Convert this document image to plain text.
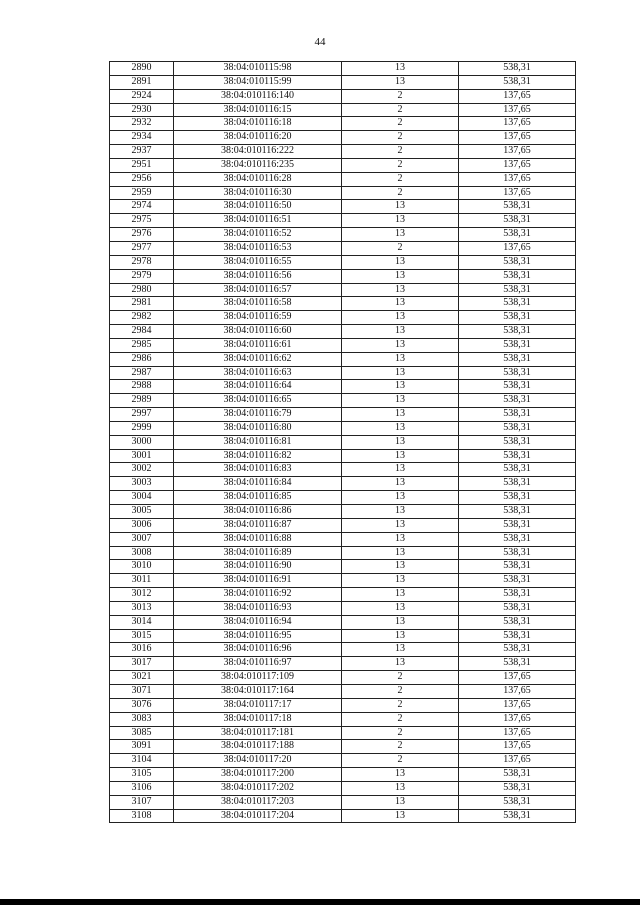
44
2890	38:04:010115:98	13	538,31
2891	38:04:010115:99	13	538,31
2924	38:04:010116:140	2	137,65
2930	38:04:010116:15	2	137,65
2932	38:04:010116:18	2	137,65
2934	38:04:010116:20	2	137,65
2937	38:04:010116:222	2	137,65
2951	38:04:010116:235	2	137,65
2956	38:04:010116:28	2	137,65
2959	38:04:010116:30	2	137,65
2974	38:04:010116:50	13	538,31
2975	38:04:010116:51	13	538,31
2976	38:04:010116:52	13	538,31
2977	38:04:010116:53	2	137,65
2978	38:04:010116:55	13	538,31
2979	38:04:010116:56	13	538,31
2980	38:04:010116:57	13	538,31
2981	38:04:010116:58	13	538,31
2982	38:04:010116:59	13	538,31
2984	38:04:010116:60	13	538,31
2985	38:04:010116:61	13	538,31
2986	38:04:010116:62	13	538,31
2987	38:04:010116:63	13	538,31
2988	38:04:010116:64	13	538,31
2989	38:04:010116:65	13	538,31
2997	38:04:010116:79	13	538,31
2999	38:04:010116:80	13	538,31
3000	38:04:010116:81	13	538,31
3001	38:04:010116:82	13	538,31
3002	38:04:010116:83	13	538,31
3003	38:04:010116:84	13	538,31
3004	38:04:010116:85	13	538,31
3005	38:04:010116:86	13	538,31
3006	38:04:010116:87	13	538,31
3007	38:04:010116:88	13	538,31
3008	38:04:010116:89	13	538,31
3010	38:04:010116:90	13	538,31
3011	38:04:010116:91	13	538,31
3012	38:04:010116:92	13	538,31
3013	38:04:010116:93	13	538,31
3014	38:04:010116:94	13	538,31
3015	38:04:010116:95	13	538,31
3016	38:04:010116:96	13	538,31
3017	38:04:010116:97	13	538,31
3021	38:04:010117:109	2	137,65
3071	38:04:010117:164	2	137,65
3076	38:04:010117:17	2	137,65
3083	38:04:010117:18	2	137,65
3085	38:04:010117:181	2	137,65
3091	38:04:010117:188	2	137,65
3104	38:04:010117:20	2	137,65
3105	38:04:010117:200	13	538,31
3106	38:04:010117:202	13	538,31
3107	38:04:010117:203	13	538,31
3108	38:04:010117:204	13	538,31
